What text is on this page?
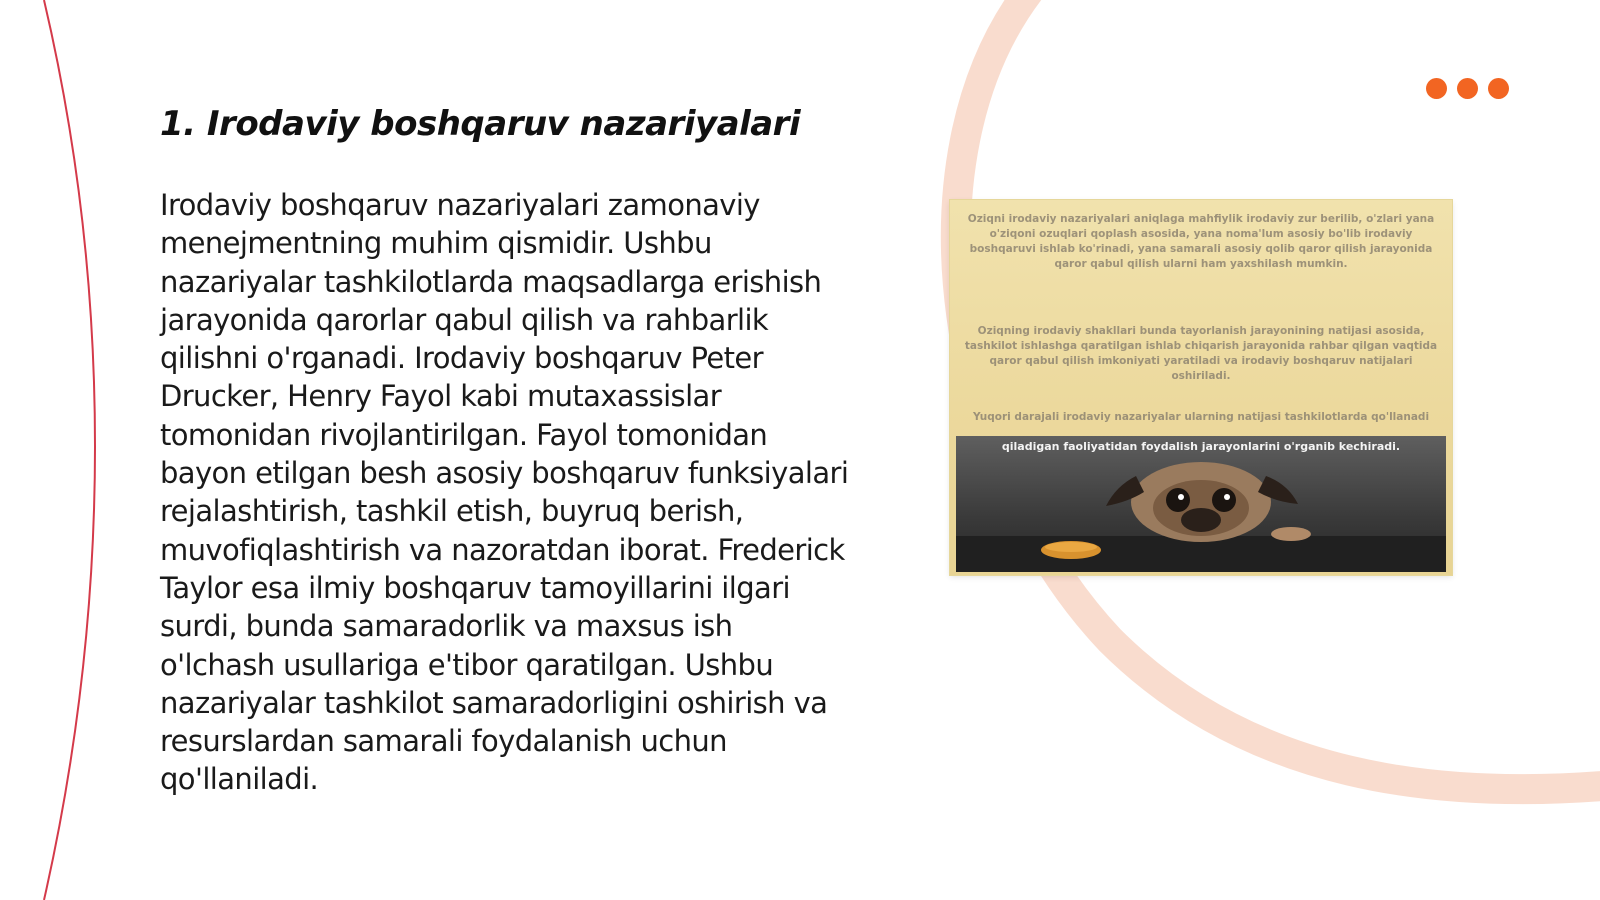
1. Irodaviy boshqaruv nazariyalari

Irodaviy boshqaruv nazariyalari zamonaviy menejmentning muhim qismidir. Ushbu nazariyalar tashkilotlarda maqsadlarga erishish jarayonida qarorlar qabul qilish va rahbarlik qilishni o'rganadi. Irodaviy boshqaruv Peter Drucker, Henry Fayol kabi mutaxassislar tomonidan rivojlantirilgan. Fayol tomonidan bayon etilgan besh asosiy boshqaruv funksiyalari rejalashtirish, tashkil etish, buyruq berish, muvofiqlashtirish va nazoratdan iborat. Frederick Taylor esa ilmiy boshqaruv tamoyillarini ilgari surdi, bunda samaradorlik va maxsus ish o'lchash usullariga e'tibor qaratilgan. Ushbu nazariyalar tashkilot samaradorligini oshirish va resurslardan samarali foydalanish uchun qo'llaniladi.

Oziqni irodaviy nazariyalari aniqlaga mahfiylik irodaviy zur berilib, o'zlari yana o'ziqoni ozuqlari qoplash asosida, yana noma'lum asosiy bo'lib irodaviy boshqaruvi ishlab ko'rinadi, yana samarali asosiy qolib qaror qilish jarayonida qaror qabul qilish ularni ham yaxshilash mumkin.
Oziqning irodaviy shakllari bunda tayorlanish jarayonining natijasi asosida, tashkilot ishlashga qaratilgan ishlab chiqarish jarayonida rahbar qilgan vaqtida qaror qabul qilish imkoniyati yaratiladi va irodaviy boshqaruv natijalari oshiriladi.
Yuqori darajali irodaviy nazariyalar ularning natijasi tashkilotlarda qo'llanadi
qiladigan faoliyatidan foydalish jarayonlarini o'rganib kechiradi.
